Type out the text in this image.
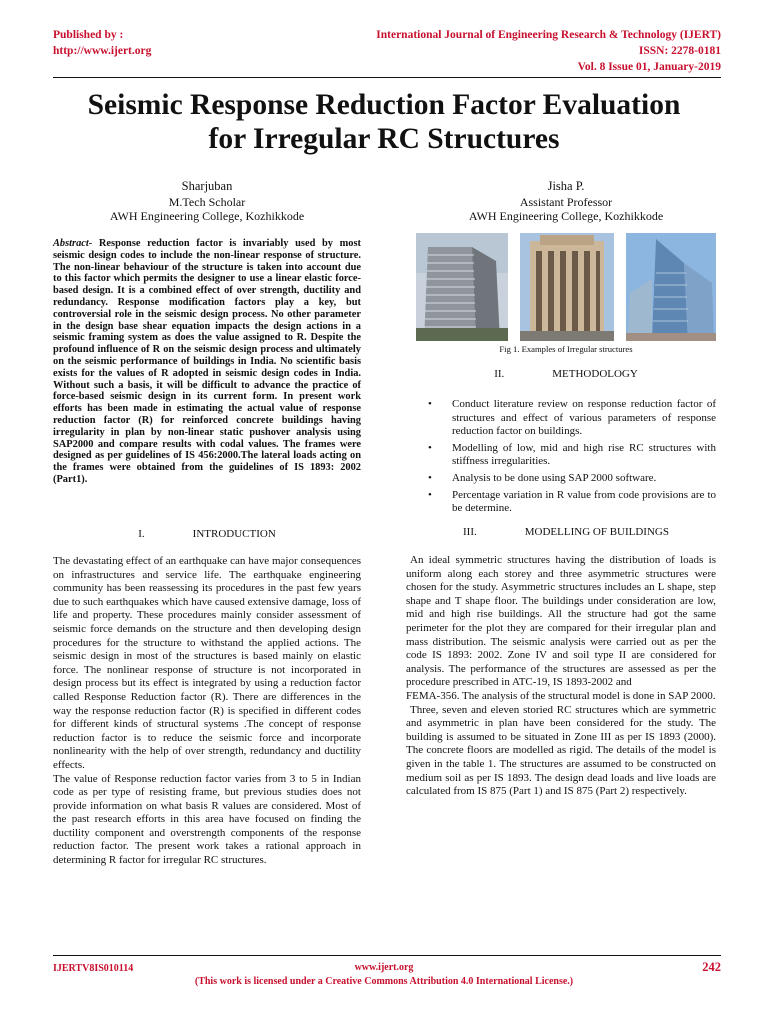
Published by :
http://www.ijert.org
International Journal of Engineering Research & Technology (IJERT)
ISSN: 2278-0181
Vol. 8 Issue 01, January-2019
Seismic Response Reduction Factor Evaluation
for Irregular RC Structures
Sharjuban
M.Tech Scholar
AWH Engineering College, Kozhikkode
Jisha P.
Assistant Professor
AWH Engineering College, Kozhikkode
Abstract- Response reduction factor is invariably used by most seismic design codes to include the non-linear response of structure. The non-linear behaviour of the structure is taken into account due to this factor which permits the designer to use a linear elastic force-based design. It is a combined effect of over strength, ductility and redundancy. Response modification factors play a key, but controversial role in the seismic design process. No other parameter in the design base shear equation impacts the design actions in a seismic framing system as does the value assigned to R. Despite the profound influence of R on the seismic design process and ultimately on the seismic performance of buildings in India. No scientific basis exists for the values of R adopted in seismic design codes in India. Without such a basis, it will be difficult to advance the practice of force-based seismic design in its current form. In present work efforts has been made in estimating the actual value of response reduction factor (R) for reinforced concrete buildings having irregularity in plan by non-linear static pushover analysis using SAP2000 and compare results with codal values. The frames were designed as per guidelines of IS 456:2000.The lateral loads acting on the frames were obtained from the guidelines of IS 1893: 2002 (Part1).
I.	INTRODUCTION
The devastating effect of an earthquake can have major consequences on infrastructures and service life. The earthquake engineering community has been reassessing its procedures in the past few years due to such earthquakes which have caused extensive damage, loss of life and property. These procedures mainly consider assessment of seismic force demands on the structure and then developing design procedures for the structure to withstand the applied actions. The seismic design in most of the structures is based mainly on elastic force. The nonlinear response of structure is not incorporated in design process but its effect is integrated by using a reduction factor called Response Reduction factor (R). There are differences in the way the response reduction factor (R) is specified in different codes for different kinds of structural systems .The concept of response reduction factor is to reduce the seismic force and incorporate nonlinearity with the help of over strength, redundancy and ductility effects.
The value of Response reduction factor varies from 3 to 5 in Indian code as per type of resisting frame, but previous studies does not provide information on what basis R values are considered. Most of the past research efforts in this area have focused on finding the ductility component and overstrength components of the response reduction factor. The present work takes a rational approach in determining R factor for irregular RC structures.
Fig 1. Examples of Irregular structures
II.	METHODOLOGY
• Conduct literature review on response reduction factor of structures and effect of various parameters of response reduction factor on buildings.
• Modelling of low, mid and high rise RC structures with stiffness irregularities.
• Analysis to be done using SAP 2000 software.
• Percentage variation in R value from code provisions are to be determine.
III.	MODELLING OF BUILDINGS
An ideal symmetric structures having the distribution of loads is uniform along each storey and three asymmetric structures were chosen for the study. Asymmetric structures includes an L shape, step shape and T shape floor. The buildings under consideration are low, mid and high rise buildings. All the structure had got the same perimeter for the plot they are compared for their irregular plan and mass distribution. The seismic analysis were carried out as per the code IS 1893: 2002. Zone IV and soil type II are considered for analysis. The performance of the structures are assessed as per the procedure prescribed in ATC-19, IS 1893-2002 and
FEMA-356. The analysis of the structural model is done in SAP 2000.
Three, seven and eleven storied RC structures which are symmetric and asymmetric in plan have been considered for the study. The building is assumed to be situated in Zone III as per IS 1893 (2000). The concrete floors are modelled as rigid. The details of the model is given in the table 1. The structures are assumed to be constructed on medium soil as per IS 1893. The design dead loads and live loads are calculated from IS 875 (Part 1) and IS 875 (Part 2) respectively.
IJERTV8IS010114	www.ijert.org	242
(This work is licensed under a Creative Commons Attribution 4.0 International License.)
